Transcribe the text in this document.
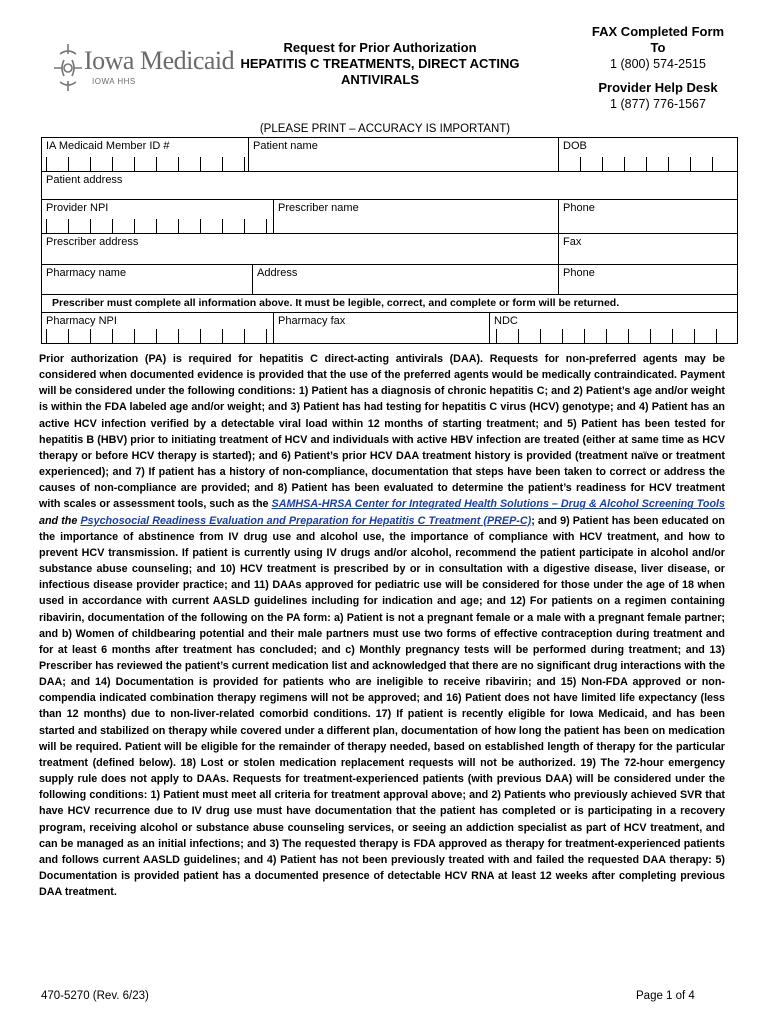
Iowa Medicaid
IOWA HHS
Request for Prior Authorization
HEPATITIS C TREATMENTS, DIRECT ACTING
ANTIVIRALS
FAX Completed Form
To
1 (800) 574-2515
Provider Help Desk
1 (877) 776-1567
(PLEASE PRINT – ACCURACY IS IMPORTANT)
IA Medicaid Member ID #	Patient name	DOB
Patient address
Provider NPI	Prescriber name	Phone
Prescriber address	Fax
Pharmacy name	Address	Phone
Prescriber must complete all information above. It must be legible, correct, and complete or form will be returned.
Pharmacy NPI	Pharmacy fax	NDC
Prior authorization (PA) is required for hepatitis C direct-acting antivirals (DAA). Requests for non-preferred agents may be considered when documented evidence is provided that the use of the preferred agents would be medically contraindicated. Payment will be considered under the following conditions: 1) Patient has a diagnosis of chronic hepatitis C; and 2) Patient’s age and/or weight is within the FDA labeled age and/or weight; and 3) Patient has had testing for hepatitis C virus (HCV) genotype; and 4) Patient has an active HCV infection verified by a detectable viral load within 12 months of starting treatment; and 5) Patient has been tested for hepatitis B (HBV) prior to initiating treatment of HCV and individuals with active HBV infection are treated (either at same time as HCV therapy or before HCV therapy is started); and 6) Patient’s prior HCV DAA treatment history is provided (treatment naïve or treatment experienced); and 7) If patient has a history of non-compliance, documentation that steps have been taken to correct or address the causes of non-compliance are provided; and 8) Patient has been evaluated to determine the patient’s readiness for HCV treatment with scales or assessment tools, such as the SAMHSA-HRSA Center for Integrated Health Solutions – Drug & Alcohol Screening Tools and the Psychosocial Readiness Evaluation and Preparation for Hepatitis C Treatment (PREP-C); and 9) Patient has been educated on the importance of abstinence from IV drug use and alcohol use, the importance of compliance with HCV treatment, and how to prevent HCV transmission. If patient is currently using IV drugs and/or alcohol, recommend the patient participate in alcohol and/or substance abuse counseling; and 10) HCV treatment is prescribed by or in consultation with a digestive disease, liver disease, or infectious disease provider practice; and 11) DAAs approved for pediatric use will be considered for those under the age of 18 when used in accordance with current AASLD guidelines including for indication and age; and 12) For patients on a regimen containing ribavirin, documentation of the following on the PA form: a) Patient is not a pregnant female or a male with a pregnant female partner; and b) Women of childbearing potential and their male partners must use two forms of effective contraception during treatment and for at least 6 months after treatment has concluded; and c) Monthly pregnancy tests will be performed during treatment; and 13) Prescriber has reviewed the patient’s current medication list and acknowledged that there are no significant drug interactions with the DAA; and 14) Documentation is provided for patients who are ineligible to receive ribavirin; and 15) Non-FDA approved or non-compendia indicated combination therapy regimens will not be approved; and 16) Patient does not have limited life expectancy (less than 12 months) due to non-liver-related comorbid conditions. 17) If patient is recently eligible for Iowa Medicaid, and has been started and stabilized on therapy while covered under a different plan, documentation of how long the patient has been on medication will be required. Patient will be eligible for the remainder of therapy needed, based on established length of therapy for the particular treatment (defined below). 18) Lost or stolen medication replacement requests will not be authorized. 19) The 72-hour emergency supply rule does not apply to DAAs. Requests for treatment-experienced patients (with previous DAA) will be considered under the following conditions: 1) Patient must meet all criteria for treatment approval above; and 2) Patients who previously achieved SVR that have HCV recurrence due to IV drug use must have documentation that the patient has completed or is participating in a recovery program, receiving alcohol or substance abuse counseling services, or seeing an addiction specialist as part of HCV treatment, and can be managed as an initial infections; and 3) The requested therapy is FDA approved as therapy for treatment-experienced patients and follows current AASLD guidelines; and 4) Patient has not been previously treated with and failed the requested DAA therapy: 5) Documentation is provided patient has a documented presence of detectable HCV RNA at least 12 weeks after completing previous DAA treatment.
470-5270 (Rev. 6/23)	Page 1 of 4
